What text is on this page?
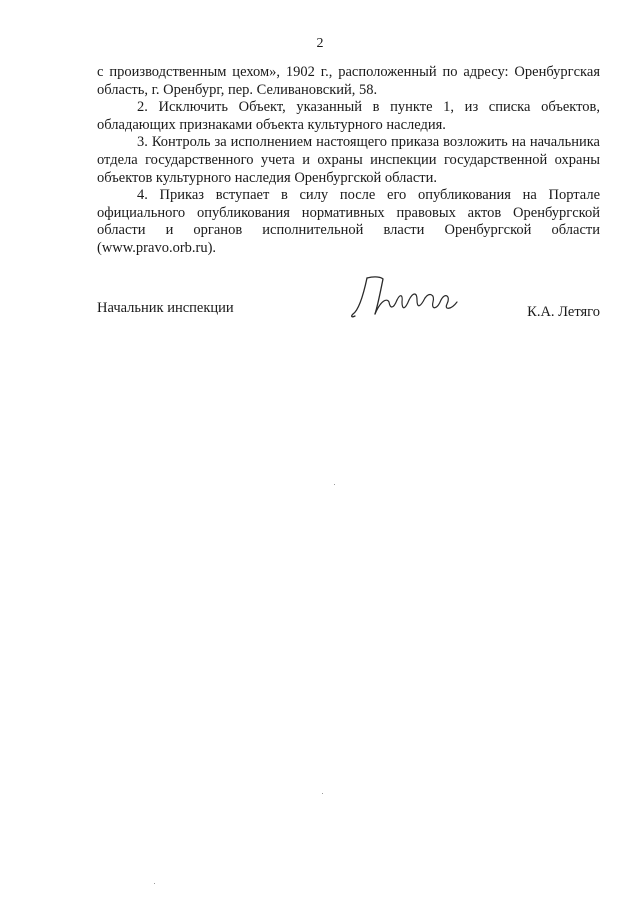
2

с производственным цехом», 1902 г., расположенный по адресу: Оренбургская область, г. Оренбург, пер. Селивановский, 58.

2. Исключить Объект, указанный в пункте 1, из списка объектов, обладающих признаками объекта культурного наследия.

3. Контроль за исполнением настоящего приказа возложить на начальника отдела государственного учета и охраны инспекции государственной охраны объектов культурного наследия Оренбургской области.

4. Приказ вступает в силу после его опубликования на Портале официального опубликования нормативных правовых актов Оренбургской области и органов исполнительной власти Оренбургской области (www.pravo.orb.ru).

Начальник инспекции	К.А. Летяго
